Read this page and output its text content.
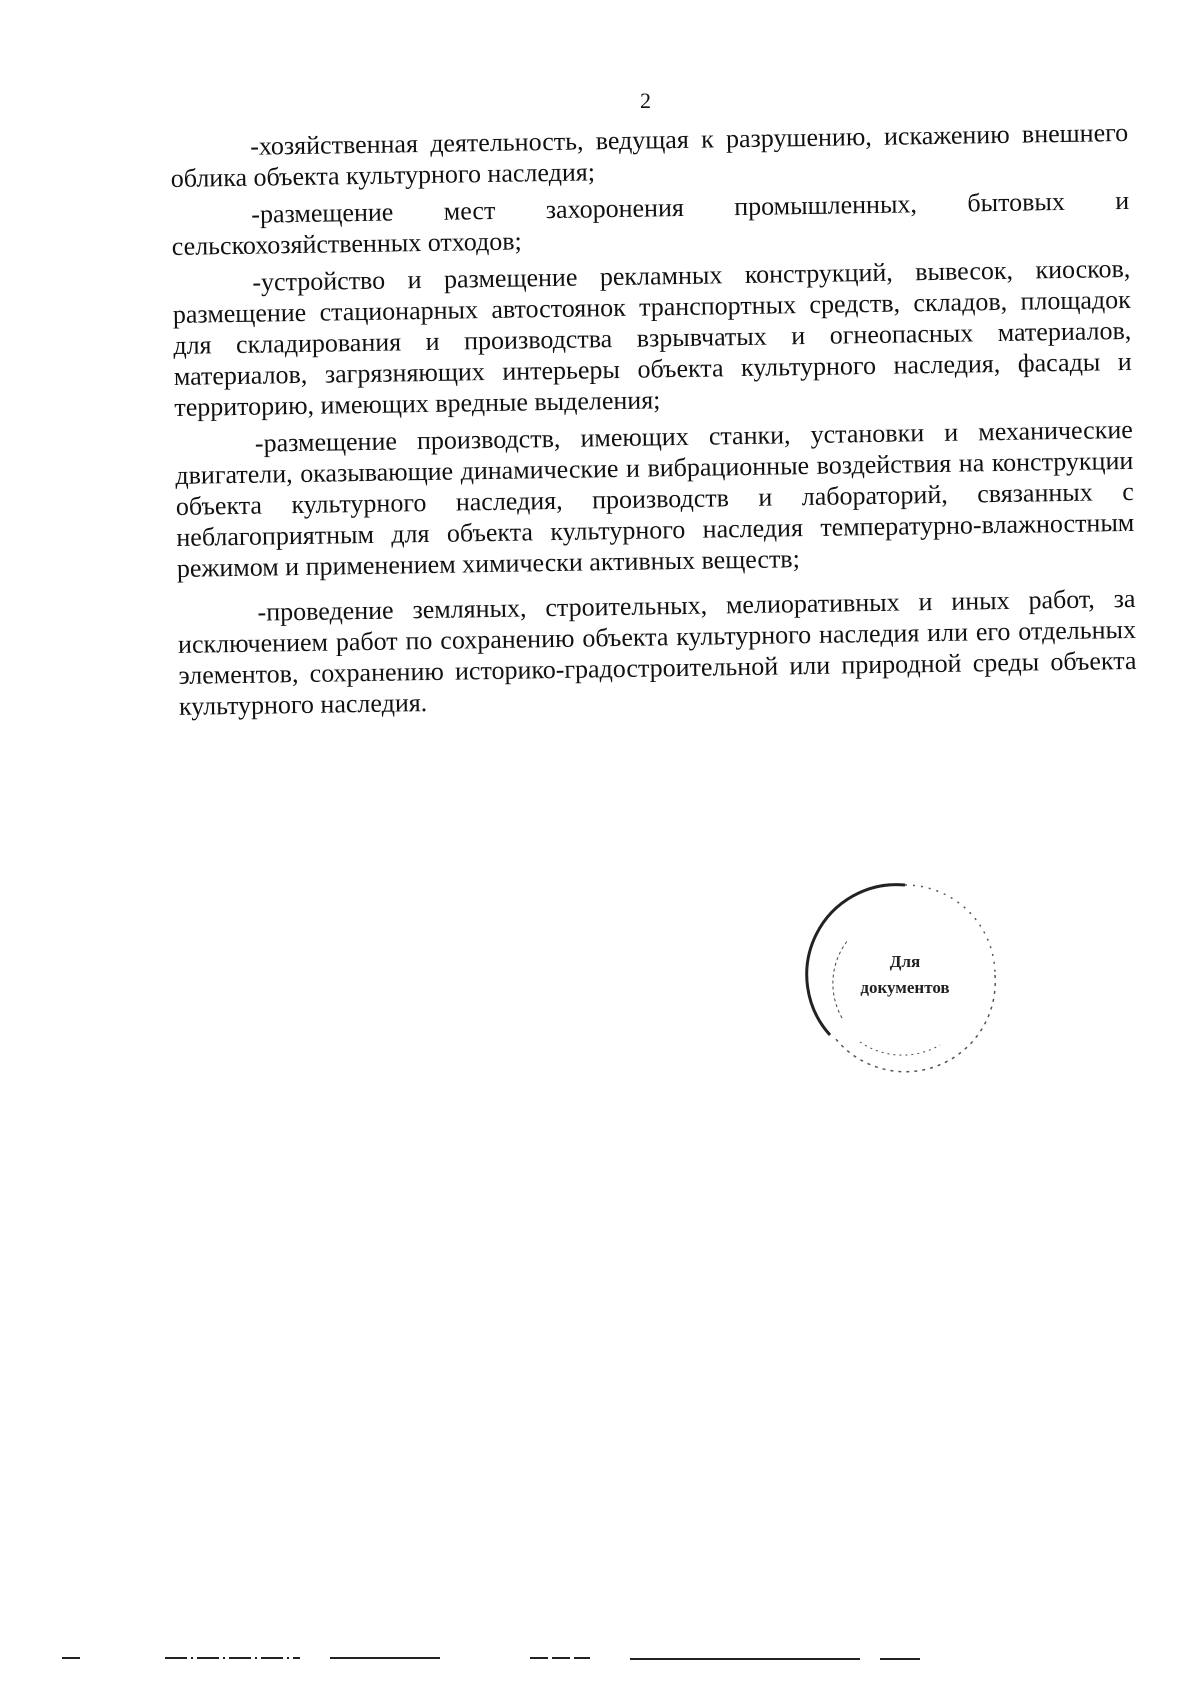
2

-хозяйственная деятельность, ведущая к разрушению, искажению внешнего облика объекта культурного наследия;

-размещение мест захоронения промышленных, бытовых и сельскохозяйственных отходов;

-устройство и размещение рекламных конструкций, вывесок, киосков, размещение стационарных автостоянок транспортных средств, складов, площадок для складирования и производства взрывчатых и огнеопасных материалов, материалов, загрязняющих интерьеры объекта культурного наследия, фасады и территорию, имеющих вредные выделения;

-размещение производств, имеющих станки, установки и механические двигатели, оказывающие динамические и вибрационные воздействия на конструкции объекта культурного наследия, производств и лабораторий, связанных с неблагоприятным для объекта культурного наследия температурно-влажностным режимом и применением химически активных веществ;

-проведение земляных, строительных, мелиоративных и иных работ, за исключением работ по сохранению объекта культурного наследия или его отдельных элементов, сохранению историко-градостроительной или природной среды объекта культурного наследия.

Для
документов
